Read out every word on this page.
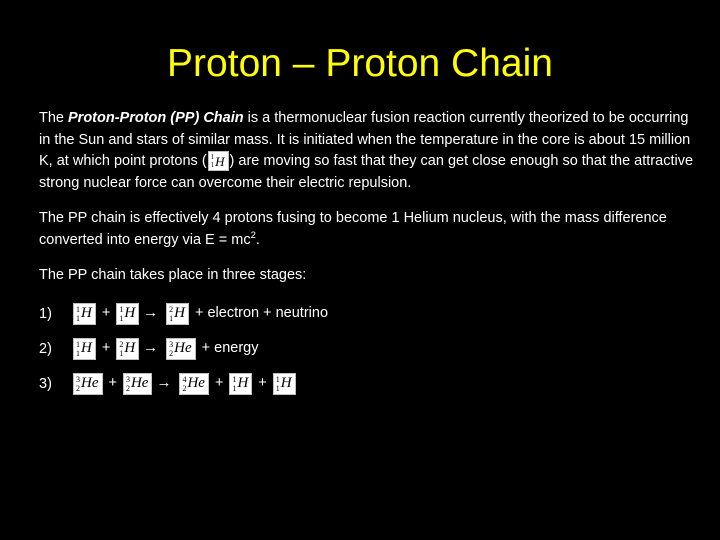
Proton – Proton Chain

The Proton-Proton (PP) Chain is a thermonuclear fusion reaction currently theorized to be occurring in the Sun and stars of similar mass. It is initiated when the temperature in the core is about 15 million K, at which point protons ( 1
1H ) are moving so fast that they can get close enough so that the attractive strong nuclear force can overcome their electric repulsion.

The PP chain is effectively 4 protons fusing to become 1 Helium nucleus, with the mass difference converted into energy via $E = mc^2$.

The PP chain takes place in three stages:

1)	1
1H + 1
1H → 2
1H + electron + neutrino
2)	1
1H + 2
1H → 3
2He + energy
3)	3
2He + 3
2He → 4
2He + 1
1H + 1
1H
